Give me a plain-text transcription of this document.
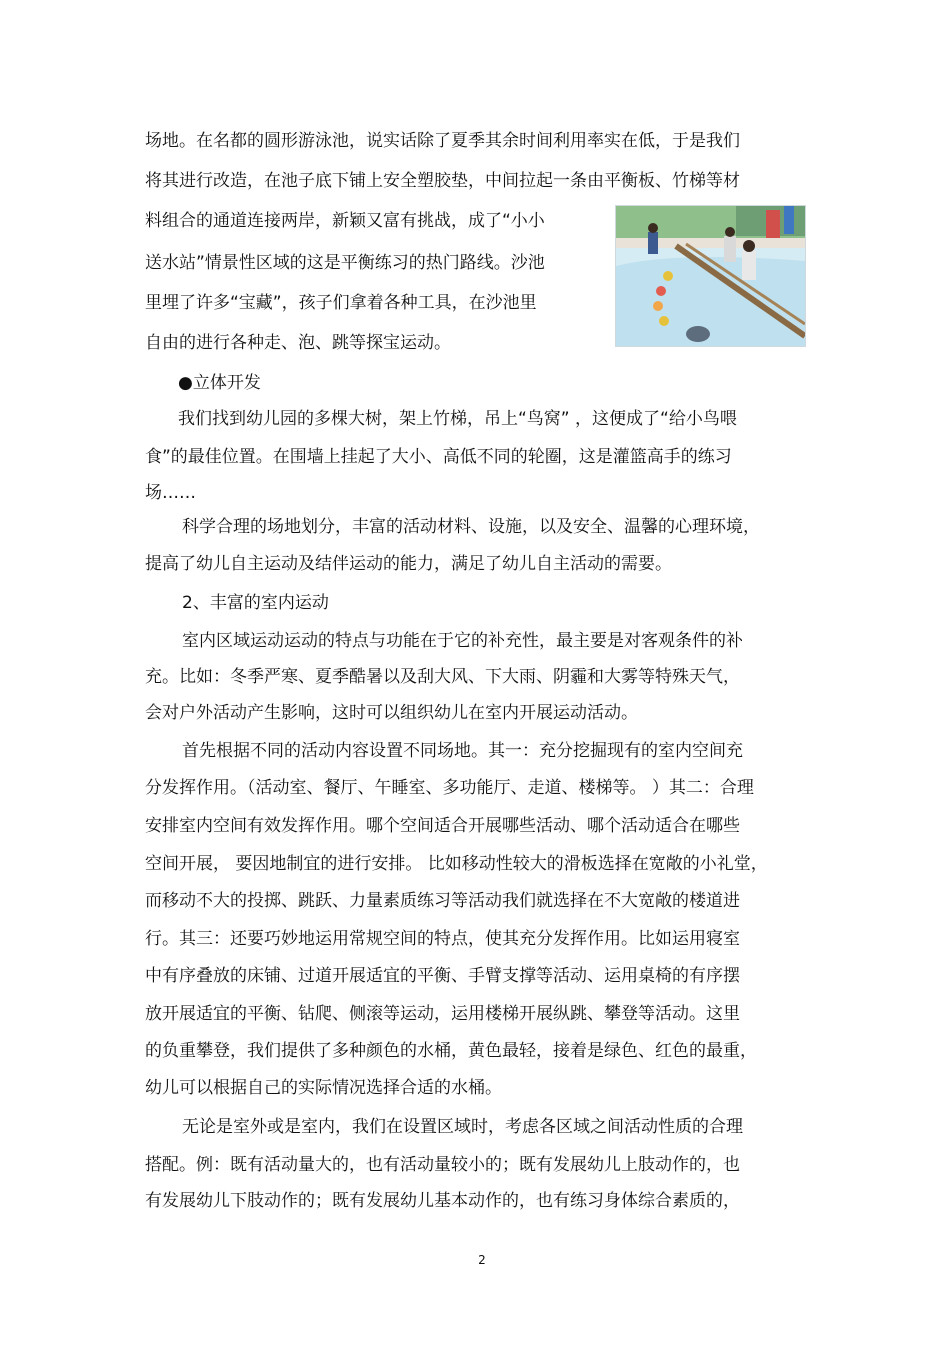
场地。在名都的圆形游泳池，说实话除了夏季其余时间利用率实在低，于是我们

将其进行改造，在池子底下铺上安全塑胶垫，中间拉起一条由平衡板、竹梯等材

料组合的通道连接两岸，新颖又富有挑战，成了“小小

送水站”情景性区域的这是平衡练习的热门路线。沙池

里埋了许多“宝藏”，孩子们拿着各种工具，在沙池里

自由的进行各种走、泡、跳等探宝运动。

●立体开发

我们找到幼儿园的多棵大树，架上竹梯，吊上“鸟窝” ，这便成了“给小鸟喂

食”的最佳位置。在围墙上挂起了大小、高低不同的轮圈，这是灌篮高手的练习

场……

科学合理的场地划分，丰富的活动材料、设施，以及安全、温馨的心理环境，

提高了幼儿自主运动及结伴运动的能力，满足了幼儿自主活动的需要。

2、丰富的室内运动

室内区域运动运动的特点与功能在于它的补充性，最主要是对客观条件的补

充。比如：冬季严寒、夏季酷暑以及刮大风、下大雨、阴霾和大雾等特殊天气，

会对户外活动产生影响，这时可以组织幼儿在室内开展运动活动。

首先根据不同的活动内容设置不同场地。其一：充分挖掘现有的室内空间充

分发挥作用。（活动室、餐厅、午睡室、多功能厅、走道、楼梯等。 ）其二：合理

安排室内空间有效发挥作用。哪个空间适合开展哪些活动、哪个活动适合在哪些

空间开展， 要因地制宜的进行安排。 比如移动性较大的滑板选择在宽敞的小礼堂，

而移动不大的投掷、跳跃、力量素质练习等活动我们就选择在不大宽敞的楼道进

行。其三：还要巧妙地运用常规空间的特点，使其充分发挥作用。比如运用寝室

中有序叠放的床铺、过道开展适宜的平衡、手臂支撑等活动、运用桌椅的有序摆

放开展适宜的平衡、钻爬、侧滚等运动，运用楼梯开展纵跳、攀登等活动。这里

的负重攀登，我们提供了多种颜色的水桶，黄色最轻，接着是绿色、红色的最重，

幼儿可以根据自己的实际情况选择合适的水桶。

无论是室外或是室内，我们在设置区域时，考虑各区域之间活动性质的合理

搭配。例：既有活动量大的，也有活动量较小的；既有发展幼儿上肢动作的，也

有发展幼儿下肢动作的；既有发展幼儿基本动作的，也有练习身体综合素质的，

2
